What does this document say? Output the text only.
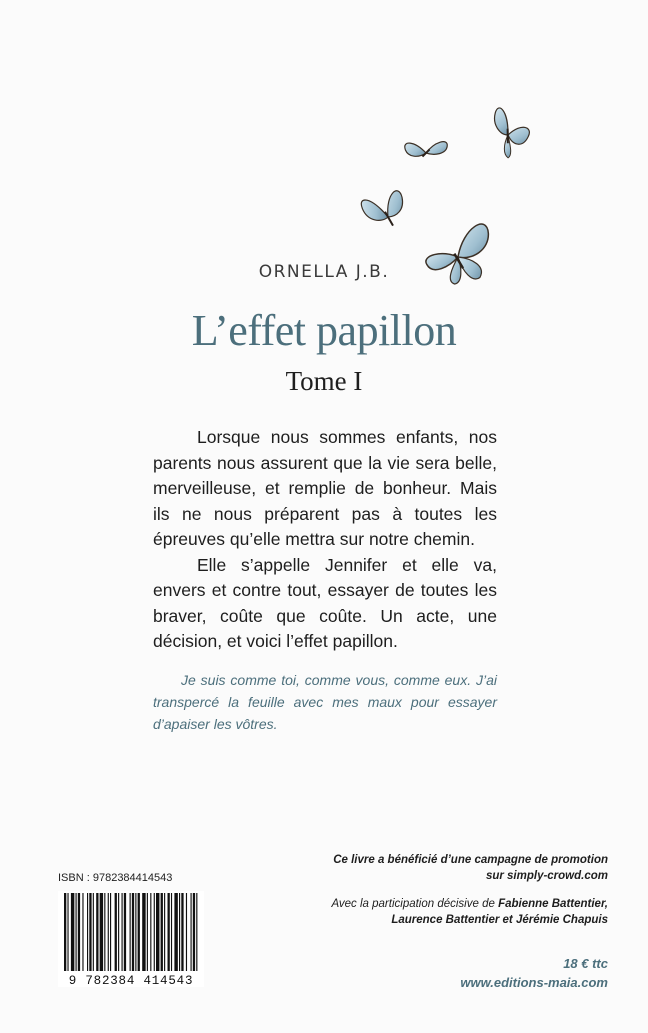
ORNELLA J.B.
L’effet papillon
Tome I

Lorsque nous sommes enfants, nos parents nous assurent que la vie sera belle, merveilleuse, et remplie de bonheur. Mais ils ne nous préparent pas à toutes les épreuves qu’elle mettra sur notre chemin.

Elle s’appelle Jennifer et elle va, envers et contre tout, essayer de toutes les braver, coûte que coûte. Un acte, une décision, et voici l’effet papillon.

Je suis comme toi, comme vous, comme eux. J’ai transpercé la feuille avec mes maux pour essayer d’apaiser les vôtres.
ISBN : 9782384414543
9 782384 414543
Ce livre a bénéficié d’une campagne de promotion
sur simply-crowd.com
Avec la participation décisive de Fabienne Battentier,
Laurence Battentier et Jérémie Chapuis
18 € ttc
www.editions-maia.com
